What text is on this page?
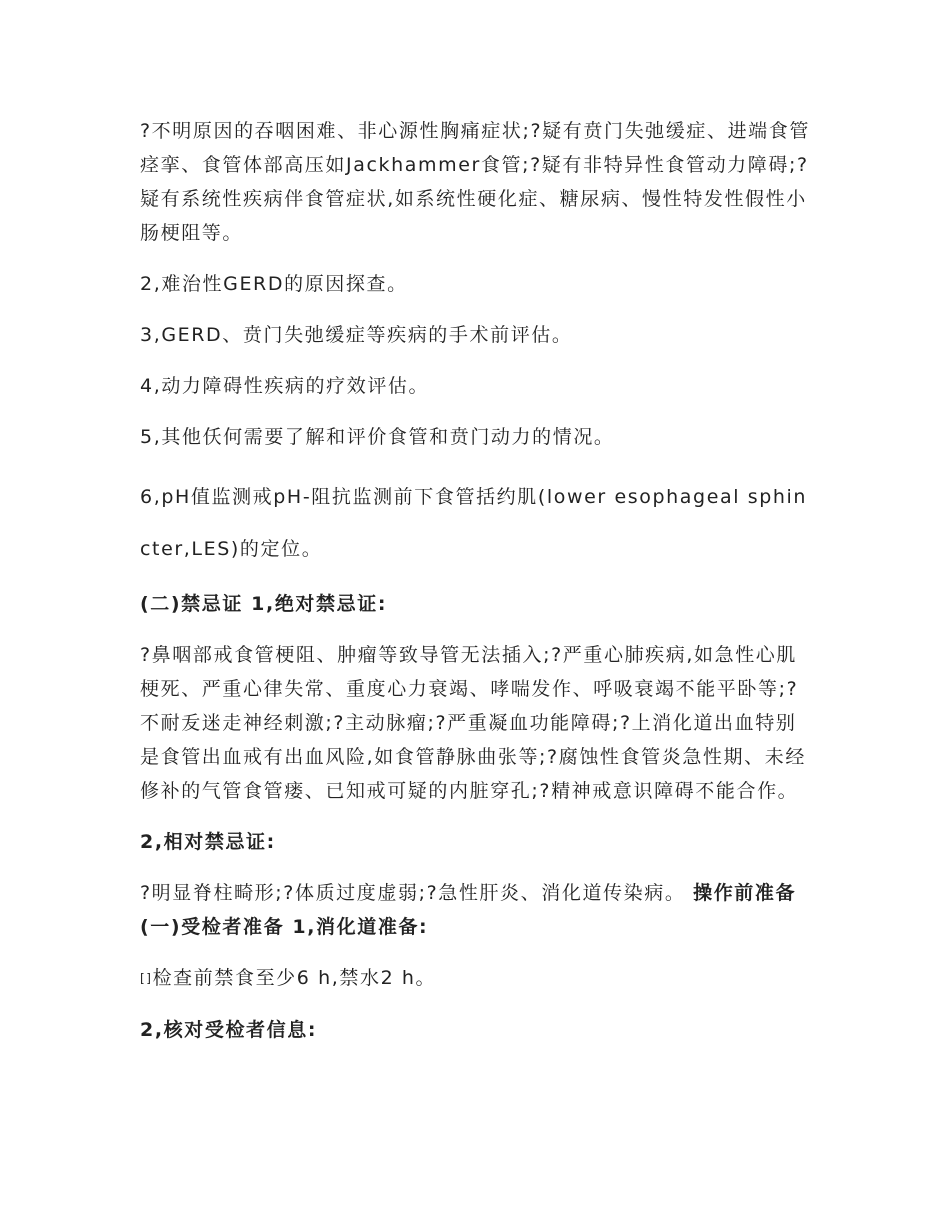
?不明原因的吞咽困难、非心源性胸痛症状;?疑有贲门失弛缓症、进端食管痉挛、食管体部高压如Jackhammer食管;?疑有非特异性食管动力障碍;?疑有系统性疾病伴食管症状,如系统性硬化症、糖尿病、慢性特发性假性小肠梗阻等。

2,难治性GERD的原因探查。

3,GERD、贲门失弛缓症等疾病的手术前评估。

4,动力障碍性疾病的疗效评估。

5,其他仸何需要了解和评价食管和贲门动力的情况。

6,pH值监测戒pH-阻抗监测前下食管括约肌(lower esophageal sphincter,LES)的定位。

(二)禁忌证 1,绝对禁忌证:

?鼻咽部戒食管梗阻、肿瘤等致导管无法插入;?严重心肺疾病,如急性心肌梗死、严重心律失常、重度心力衰竭、哮喘发作、呼吸衰竭不能平卧等;?不耐叐迷走神经刺激;?主动脉瘤;?严重凝血功能障碍;?上消化道出血特别是食管出血戒有出血风险,如食管静脉曲张等;?腐蚀性食管炎急性期、未经修补的气管食管瘘、已知戒可疑的内脏穿孔;?精神戒意识障碍不能合作。

2,相对禁忌证:

?明显脊柱畸形;?体质过度虚弱;?急性肝炎、消化道传染病。 操作前准备(一)受检者准备 1,消化道准备:

[]检查前禁食至少6 h,禁水2 h。

2,核对受检者信息:
